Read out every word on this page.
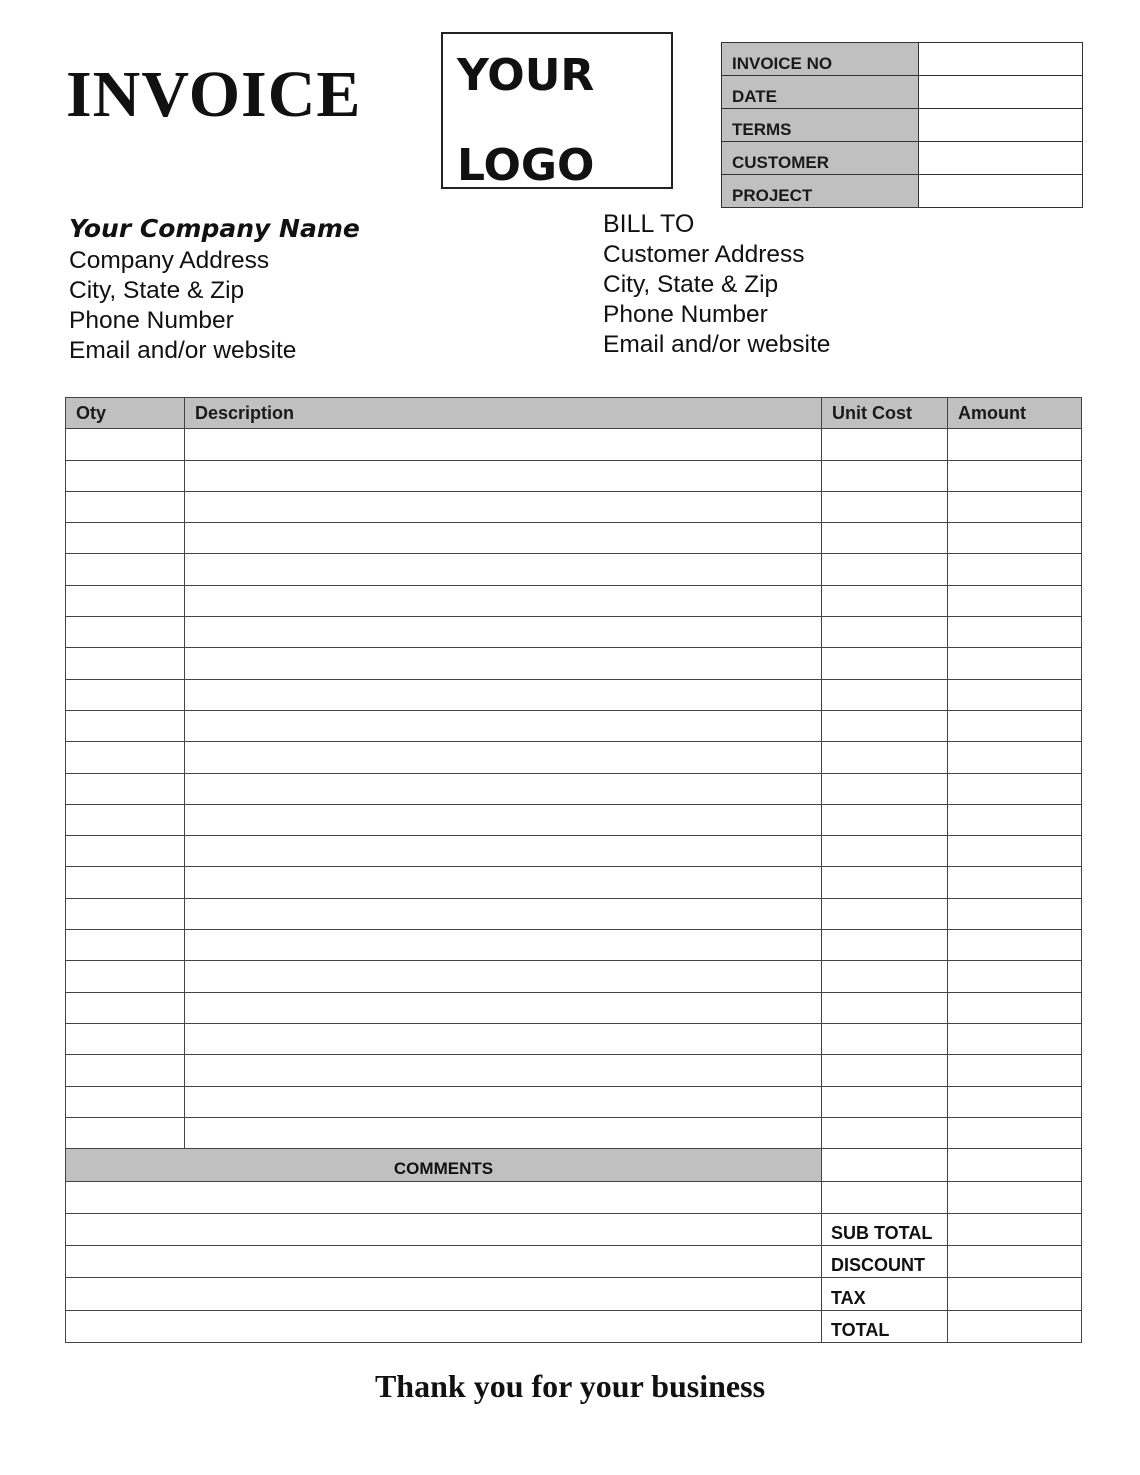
INVOICE YOUR
LOGO
INVOICE NO	
DATE	
TERMS	
CUSTOMER	
PROJECT	
Your Company Name
Company Address
City, State & Zip
Phone Number
Email and/or website
BILL TO
Customer Address
City, State & Zip
Phone Number
Email and/or website
Oty	Description	Unit Cost	Amount

COMMENTS			

		SUB TOTAL	
		DISCOUNT	
		TAX	
		TOTAL	
Thank you for your business
